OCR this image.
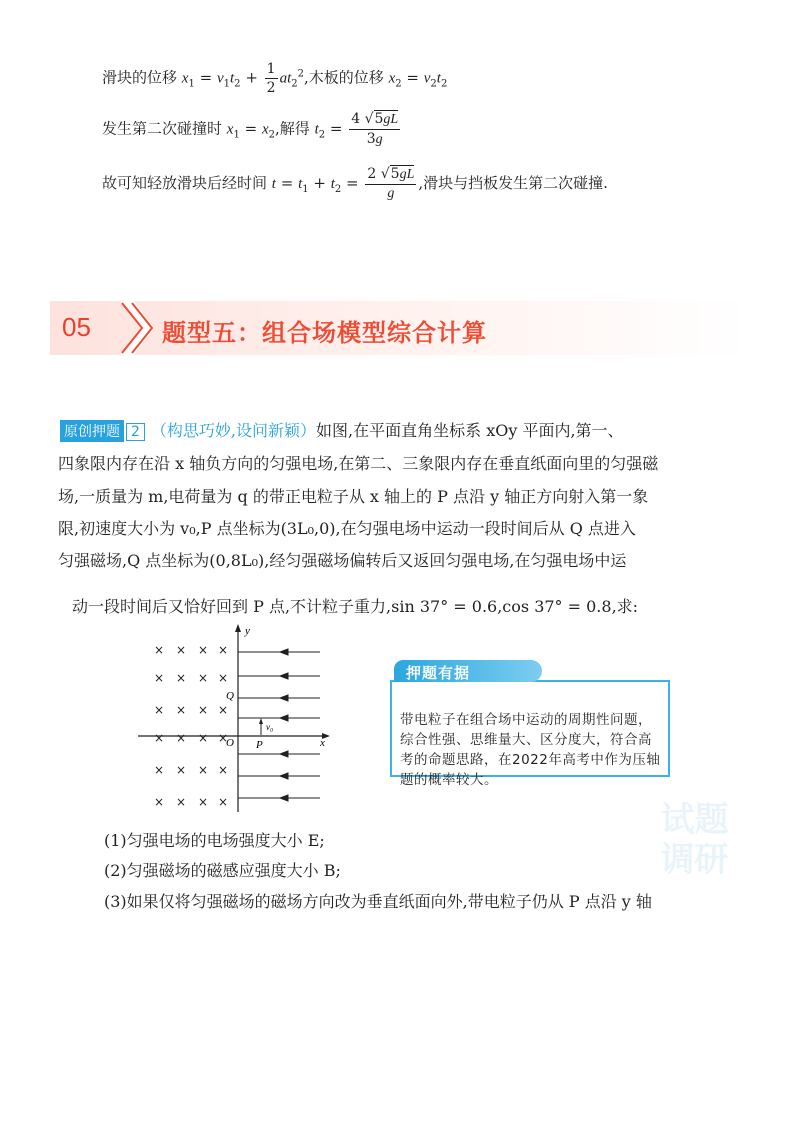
滑块的位移 $x_1 = v_1t_2 + \frac{1}{2} at_2^2$,木板的位移 $x_2 = v_2t_2$
发生第二次碰撞时 $x_1 = x_2$,解得 $t_2 = \frac{4 √5gL}{3g}$
故可知轻放滑块后经时间 $t = t_1 + t_2 = \frac{2 √5gL}{g}$ ,滑块与挡板发生第二次碰撞.
05	题型五：组合场模型综合计算
原创押题 2 （构思巧妙,设问新颖）如图,在平面直角坐标系 xOy 平面内,第一、
四象限内存在沿 x 轴负方向的匀强电场,在第二、三象限内存在垂直纸面向里的匀强磁
场,一质量为 m,电荷量为 q 的带正电粒子从 x 轴上的 P 点沿 y 轴正方向射入第一象
限,初速度大小为 v₀,P 点坐标为(3L₀,0),在匀强电场中运动一段时间后从 Q 点进入
匀强磁场,Q 点坐标为(0,8L₀),经匀强磁场偏转后又返回匀强电场,在匀强电场中运
动一段时间后又恰好回到 P 点,不计粒子重力,sin 37° = 0.6,cos 37° = 0.8,求:
y
x
O
Q
P
v₀
× × × ×
× × × ×
× × × ×
× × × ×
× × × ×
× × × ×
带电粒子在组合场中运动的周期性问题，综合性强、思维量大、区分度大，符合高考的命题思路，在2022年高考中作为压轴题的概率较大。
押题有据
试题
调研
(1)匀强电场的电场强度大小 E;
(2)匀强磁场的磁感应强度大小 B;
(3)如果仅将匀强磁场的磁场方向改为垂直纸面向外,带电粒子仍从 P 点沿 y 轴
